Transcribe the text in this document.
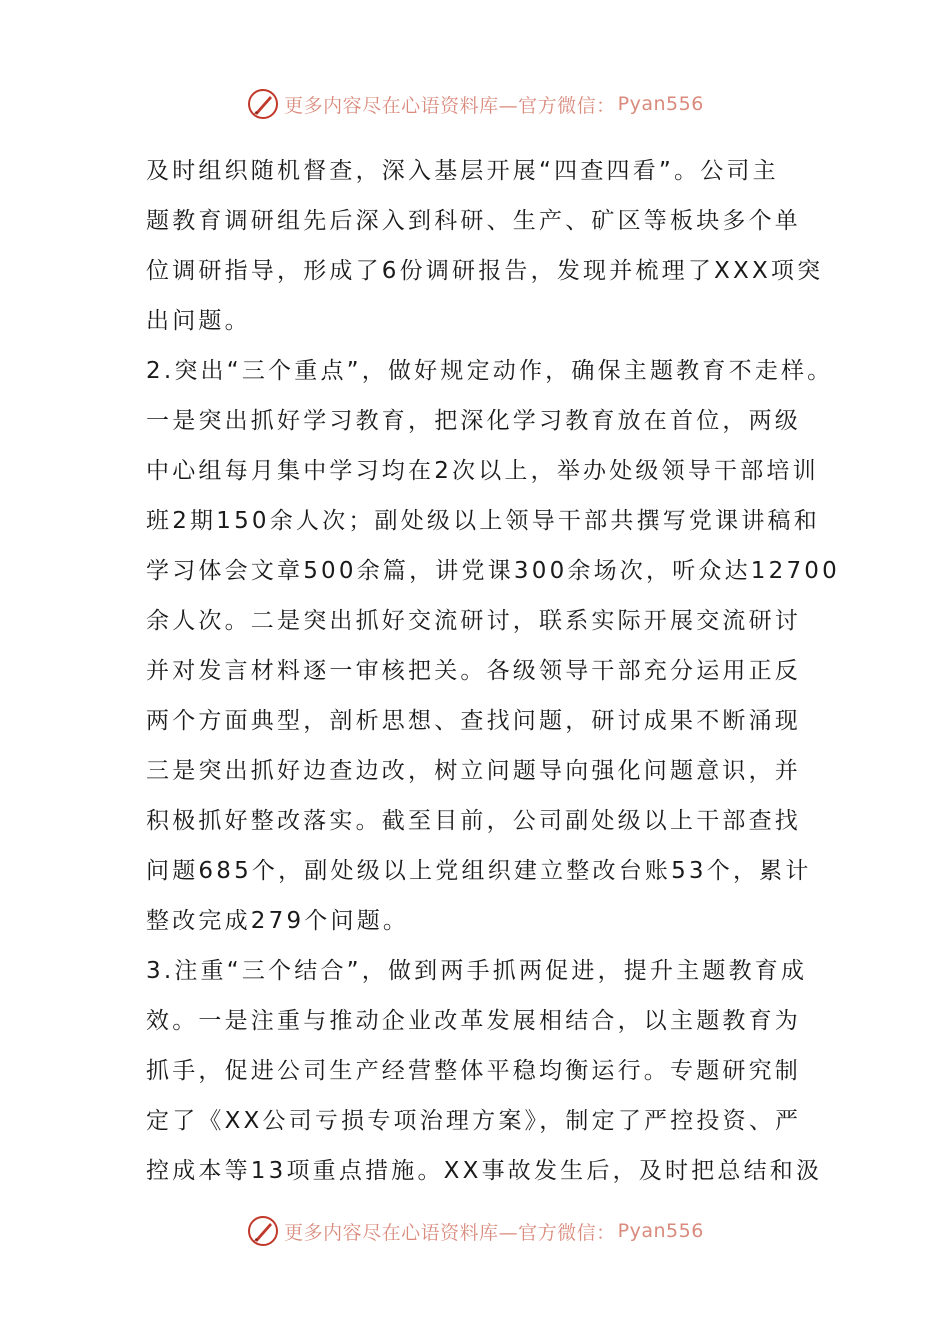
更多内容尽在心语资料库—官方微信： Pyan556
及时组织随机督查，深入基层开展“四查四看”。公司主
题教育调研组先后深入到科研、生产、矿区等板块多个单
位调研指导，形成了6份调研报告，发现并梳理了XXX项突
出问题。
2.突出“三个重点”，做好规定动作，确保主题教育不走样。
一是突出抓好学习教育，把深化学习教育放在首位，两级
中心组每月集中学习均在2次以上，举办处级领导干部培训
班2期150余人次；副处级以上领导干部共撰写党课讲稿和
学习体会文章500余篇，讲党课300余场次，听众达12700
余人次。二是突出抓好交流研讨，联系实际开展交流研讨
并对发言材料逐一审核把关。各级领导干部充分运用正反
两个方面典型，剖析思想、查找问题，研讨成果不断涌现
三是突出抓好边查边改，树立问题导向强化问题意识，并
积极抓好整改落实。截至目前，公司副处级以上干部查找
问题685个，副处级以上党组织建立整改台账53个，累计
整改完成279个问题。
3.注重“三个结合”，做到两手抓两促进，提升主题教育成
效。一是注重与推动企业改革发展相结合，以主题教育为
抓手，促进公司生产经营整体平稳均衡运行。专题研究制
定了《XX公司亏损专项治理方案》，制定了严控投资、严
控成本等13项重点措施。XX事故发生后，及时把总结和汲
更多内容尽在心语资料库—官方微信： Pyan556
